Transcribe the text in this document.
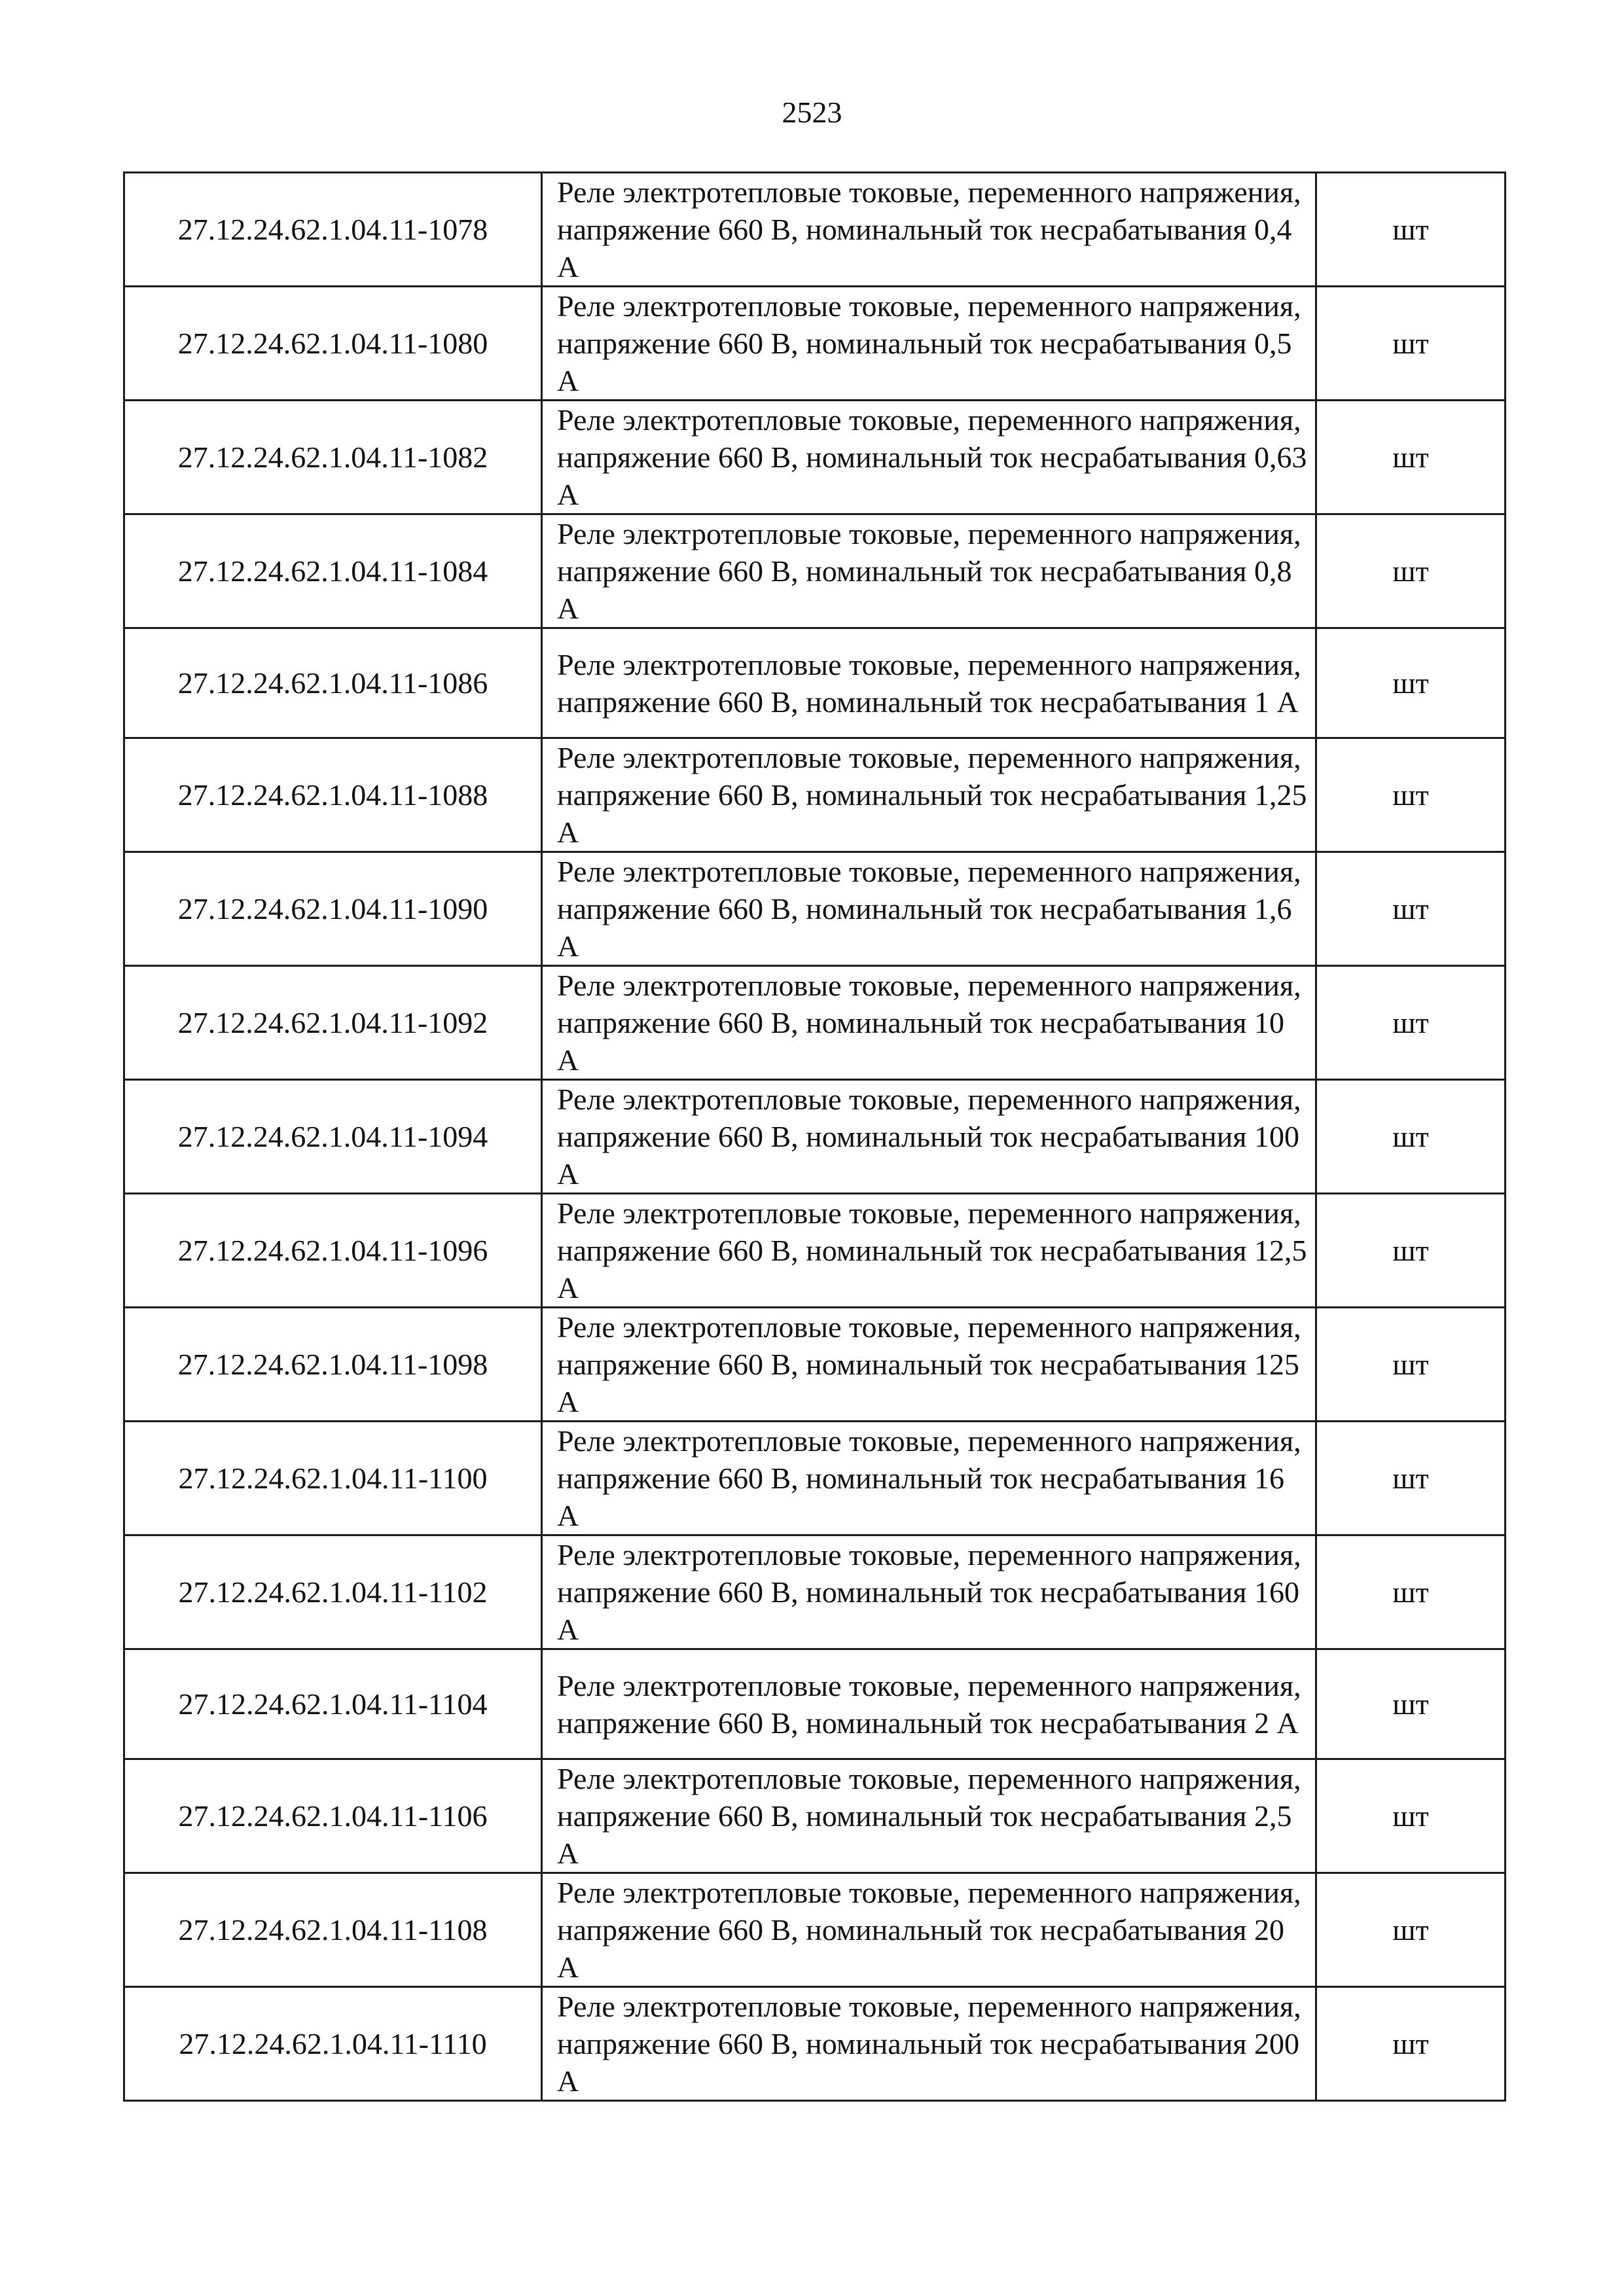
2523
27.12.24.62.1.04.11-1078	Реле электротепловые токовые, переменного напряжения, напряжение 660 В, номинальный ток несрабатывания 0,4 А	шт
27.12.24.62.1.04.11-1080	Реле электротепловые токовые, переменного напряжения, напряжение 660 В, номинальный ток несрабатывания 0,5 А	шт
27.12.24.62.1.04.11-1082	Реле электротепловые токовые, переменного напряжения, напряжение 660 В, номинальный ток несрабатывания 0,63 А	шт
27.12.24.62.1.04.11-1084	Реле электротепловые токовые, переменного напряжения, напряжение 660 В, номинальный ток несрабатывания 0,8 А	шт
27.12.24.62.1.04.11-1086	Реле электротепловые токовые, переменного напряжения, напряжение 660 В, номинальный ток несрабатывания 1 А	шт
27.12.24.62.1.04.11-1088	Реле электротепловые токовые, переменного напряжения, напряжение 660 В, номинальный ток несрабатывания 1,25 А	шт
27.12.24.62.1.04.11-1090	Реле электротепловые токовые, переменного напряжения, напряжение 660 В, номинальный ток несрабатывания 1,6 А	шт
27.12.24.62.1.04.11-1092	Реле электротепловые токовые, переменного напряжения, напряжение 660 В, номинальный ток несрабатывания 10 А	шт
27.12.24.62.1.04.11-1094	Реле электротепловые токовые, переменного напряжения, напряжение 660 В, номинальный ток несрабатывания 100 А	шт
27.12.24.62.1.04.11-1096	Реле электротепловые токовые, переменного напряжения, напряжение 660 В, номинальный ток несрабатывания 12,5 А	шт
27.12.24.62.1.04.11-1098	Реле электротепловые токовые, переменного напряжения, напряжение 660 В, номинальный ток несрабатывания 125 А	шт
27.12.24.62.1.04.11-1100	Реле электротепловые токовые, переменного напряжения, напряжение 660 В, номинальный ток несрабатывания 16 А	шт
27.12.24.62.1.04.11-1102	Реле электротепловые токовые, переменного напряжения, напряжение 660 В, номинальный ток несрабатывания 160 А	шт
27.12.24.62.1.04.11-1104	Реле электротепловые токовые, переменного напряжения, напряжение 660 В, номинальный ток несрабатывания 2 А	шт
27.12.24.62.1.04.11-1106	Реле электротепловые токовые, переменного напряжения, напряжение 660 В, номинальный ток несрабатывания 2,5 А	шт
27.12.24.62.1.04.11-1108	Реле электротепловые токовые, переменного напряжения, напряжение 660 В, номинальный ток несрабатывания 20 А	шт
27.12.24.62.1.04.11-1110	Реле электротепловые токовые, переменного напряжения, напряжение 660 В, номинальный ток несрабатывания 200 А	шт
